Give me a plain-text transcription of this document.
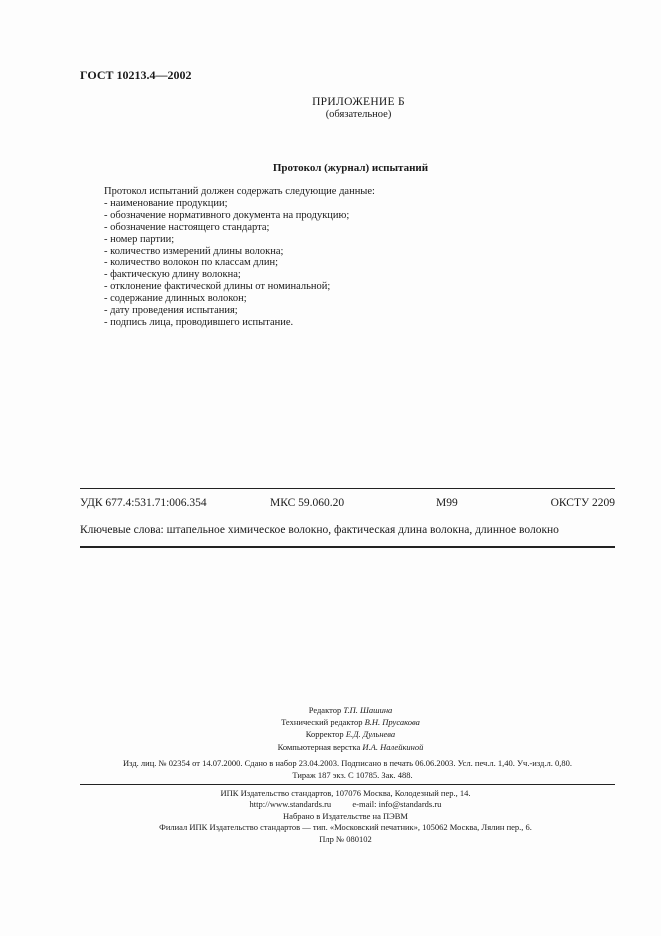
ГОСТ 10213.4—2002
ПРИЛОЖЕНИЕ Б
(обязательное)
Протокол (журнал) испытаний
Протокол испытаний должен содержать следующие данные:
- наименование продукции;
- обозначение нормативного документа на продукцию;
- обозначение настоящего стандарта;
- номер партии;
- количество измерений длины волокна;
- количество волокон по классам длин;
- фактическую длину волокна;
- отклонение фактической длины от номинальной;
- содержание длинных волокон;
- дату проведения испытания;
- подпись лица, проводившего испытание.
УДК 677.4:531.71:006.354	МКС 59.060.20	M99	ОКСТУ 2209
Ключевые слова: штапельное химическое волокно, фактическая длина волокна, длинное волокно
Редактор Т.П. Шашина
Технический редактор В.Н. Прусакова
Корректор Е.Д. Дульнева
Компьютерная верстка И.А. Налейкиной
Изд. лиц. № 02354 от 14.07.2000. Сдано в набор 23.04.2003. Подписано в печать 06.06.2003. Усл. печ.л. 1,40. Уч.-изд.л. 0,80.
Тираж 187 экз. С 10785. Зак. 488.
ИПК Издательство стандартов, 107076 Москва, Колодезный пер., 14.
http://www.standards.ru          e-mail: info@standards.ru
Набрано в Издательстве на ПЭВМ
Филиал ИПК Издательство стандартов — тип. «Московский печатник», 105062 Москва, Лялин пер., 6.
Плр № 080102
